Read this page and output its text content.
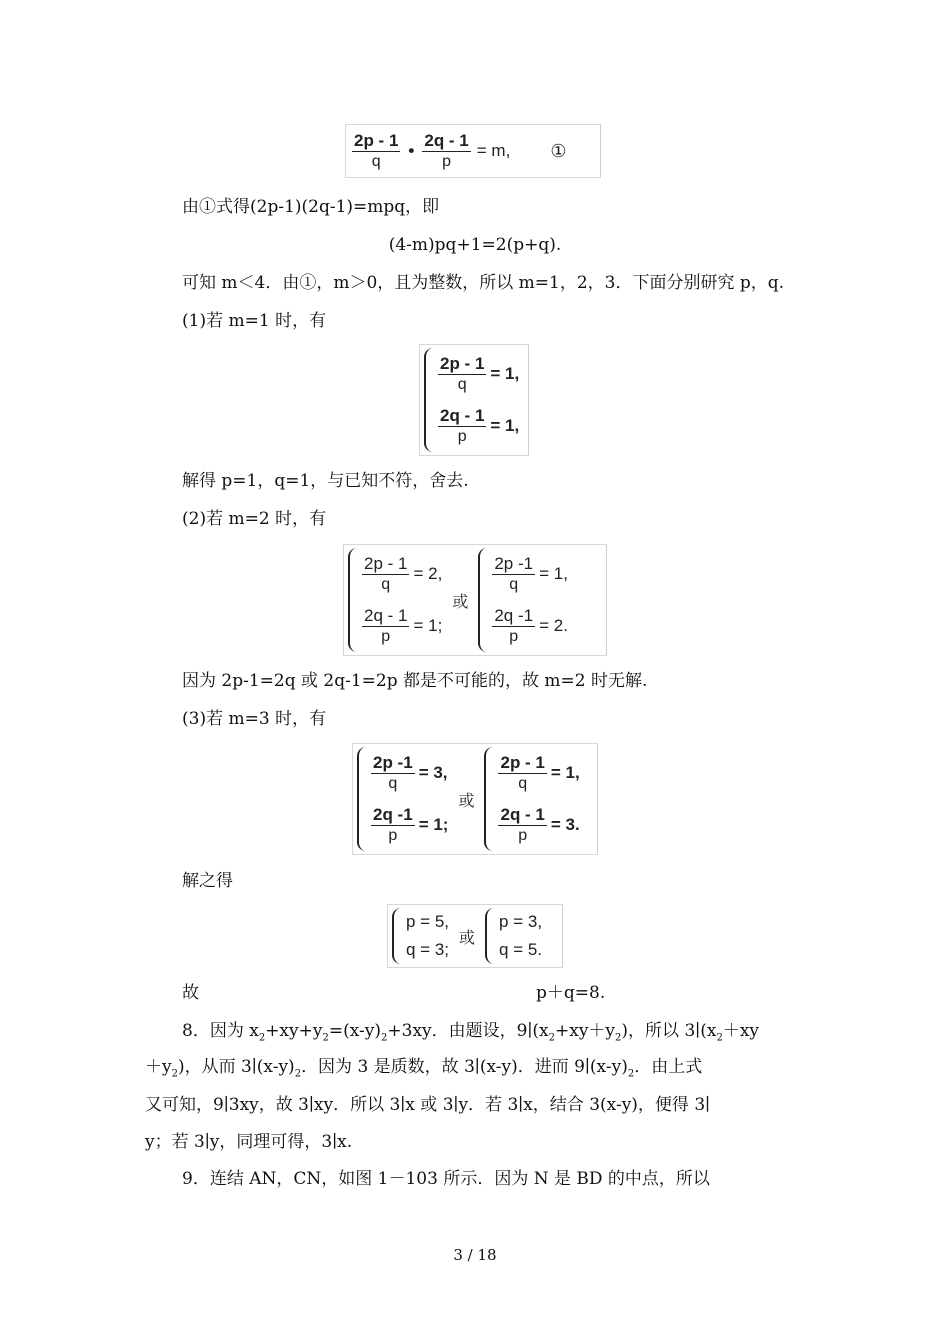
$\frac{2p - 1}{q}$ • $\frac{2q - 1}{p} = m$, ①
由①式得(2p-1)(2q-1)=mpq，即
(4-m)pq+1=2(p+q).
可知 m＜4．由①，m＞0，且为整数，所以 m=1，2，3．下面分别研究 p，q.
(1)若 m=1 时，有
$\frac{2p - 1}{q} = 1$,
$\frac{2q - 1}{p} = 1$,
解得 p=1，q=1，与已知不符，舍去.
(2)若 m=2 时，有
$\frac{2p - 1}{q} = 2$,
$\frac{2q - 1}{p} = 1$;
或
$\frac{2p -1}{q} = 1$,
$\frac{2q -1}{p} = 2$.
因为 2p-1=2q 或 2q-1=2p 都是不可能的，故 m=2 时无解.
(3)若 m=3 时，有
$\frac{2p -1}{q} = 3$,
$\frac{2q -1}{p} = 1$;
或
$\frac{2p - 1}{q} = 1$,
$\frac{2q - 1}{p} = 3$.
解之得
p = 5,
q = 3;
或
p = 3,
q = 5.
故	p＋q=8.
8．因为 $x_2+xy+y_2=(x-y)_2+3xy$．由题设，$9∣(x_2+xy+y_2)$，所以 $3∣(x_2+xy$
$+y_2$)，从而 $3∣(x-y)_2$．因为 3 是质数，故 3∣(x-y)．进而 $9∣(x-y)_2$．由上式
又可知，9∣3xy，故 3∣xy．所以 3∣x 或 3∣y．若 3∣x，结合 3(x-y)，便得 3∣
y；若 3∣y，同理可得，3∣x.
9．连结 AN，CN，如图 1－103 所示．因为 N 是 BD 的中点，所以
3 / 18
